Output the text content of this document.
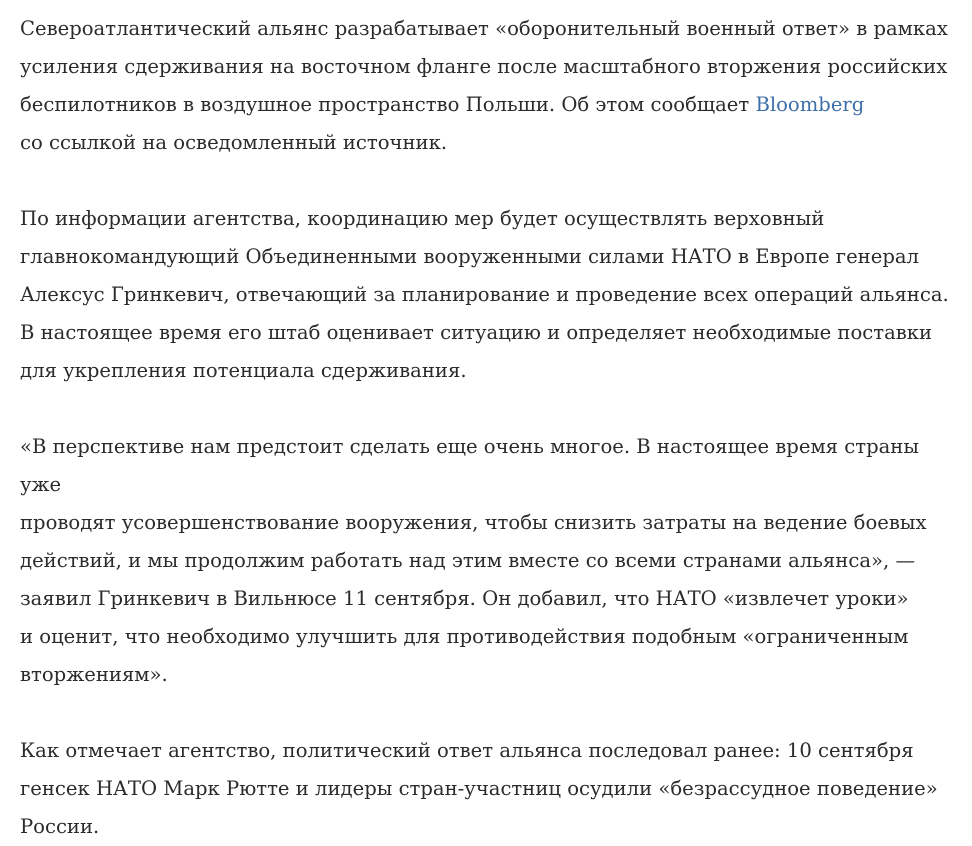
Североатлантический альянс разрабатывает «оборонительный военный ответ» в рамках
усиления сдерживания на восточном фланге после масштабного вторжения российских
беспилотников в воздушное пространство Польши. Об этом сообщает Bloomberg
со ссылкой на осведомленный источник.

По информации агентства, координацию мер будет осуществлять верховный
главнокомандующий Объединенными вооруженными силами НАТО в Европе генерал
Алексус Гринкевич, отвечающий за планирование и проведение всех операций альянса.
В настоящее время его штаб оценивает ситуацию и определяет необходимые поставки
для укрепления потенциала сдерживания.

«В перспективе нам предстоит сделать еще очень многое. В настоящее время страны уже
проводят усовершенствование вооружения, чтобы снизить затраты на ведение боевых
действий, и мы продолжим работать над этим вместе со всеми странами альянса», —
заявил Гринкевич в Вильнюсе 11 сентября. Он добавил, что НАТО «извлечет уроки»
и оценит, что необходимо улучшить для противодействия подобным «ограниченным
вторжениям».

Как отмечает агентство, политический ответ альянса последовал ранее: 10 сентября
генсек НАТО Марк Рютте и лидеры стран-участниц осудили «безрассудное поведение»
России.
